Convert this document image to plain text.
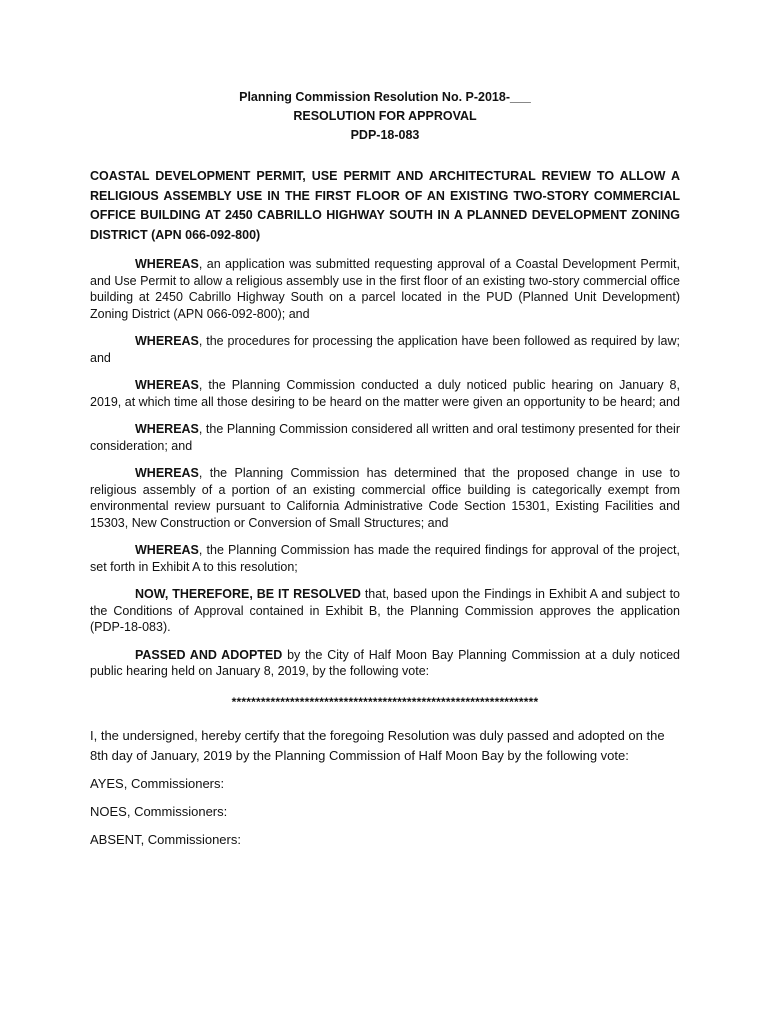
Planning Commission Resolution No. P-2018-___
RESOLUTION FOR APPROVAL
PDP-18-083
COASTAL DEVELOPMENT PERMIT, USE PERMIT AND ARCHITECTURAL REVIEW TO ALLOW A RELIGIOUS ASSEMBLY USE IN THE FIRST FLOOR OF AN EXISTING TWO-STORY COMMERCIAL OFFICE BUILDING AT 2450 CABRILLO HIGHWAY SOUTH IN A PLANNED DEVELOPMENT ZONING DISTRICT (APN 066-092-800)
WHEREAS, an application was submitted requesting approval of a Coastal Development Permit, and Use Permit to allow a religious assembly use in the first floor of an existing two-story commercial office building at 2450 Cabrillo Highway South on a parcel located in the PUD (Planned Unit Development) Zoning District (APN 066-092-800); and
WHEREAS, the procedures for processing the application have been followed as required by law; and
WHEREAS, the Planning Commission conducted a duly noticed public hearing on January 8, 2019, at which time all those desiring to be heard on the matter were given an opportunity to be heard; and
WHEREAS, the Planning Commission considered all written and oral testimony presented for their consideration; and
WHEREAS, the Planning Commission has determined that the proposed change in use to religious assembly of a portion of an existing commercial office building is categorically exempt from environmental review pursuant to California Administrative Code Section 15301, Existing Facilities and 15303, New Construction or Conversion of Small Structures; and
WHEREAS, the Planning Commission has made the required findings for approval of the project, set forth in Exhibit A to this resolution;
NOW, THEREFORE, BE IT RESOLVED that, based upon the Findings in Exhibit A and subject to the Conditions of Approval contained in Exhibit B, the Planning Commission approves the application (PDP-18-083).
PASSED AND ADOPTED by the City of Half Moon Bay Planning Commission at a duly noticed public hearing held on January 8, 2019, by the following vote:
***************************************************************
I, the undersigned, hereby certify that the foregoing Resolution was duly passed and adopted on the 8th day of January, 2019 by the Planning Commission of Half Moon Bay by the following vote:
AYES, Commissioners:
NOES, Commissioners:
ABSENT, Commissioners:
